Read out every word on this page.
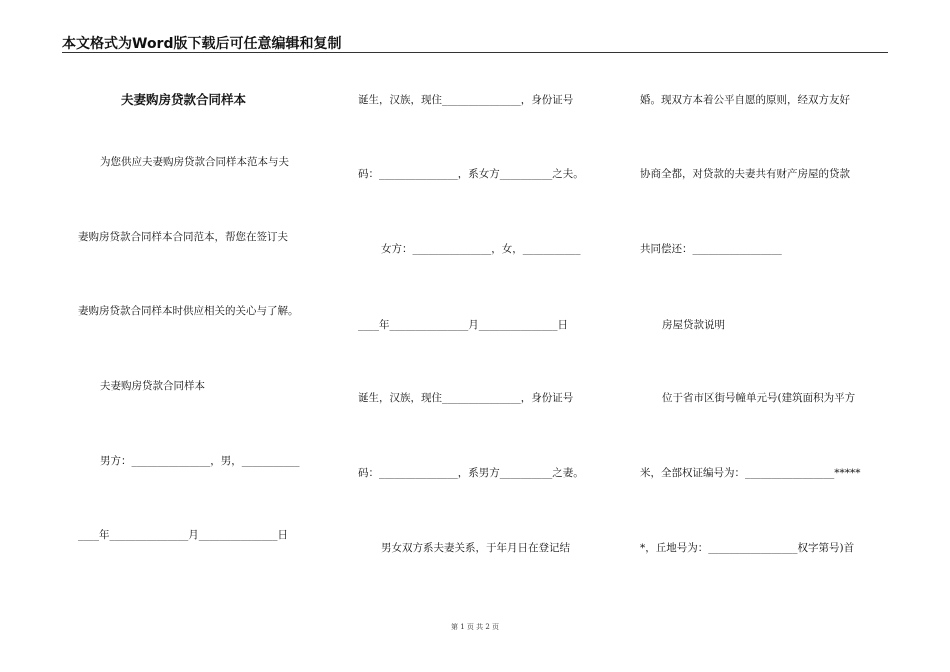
本文格式为Word版下载后可任意编辑和复制
夫妻购房贷款合同样本
为您供应夫妻购房贷款合同样本范本与夫
妻购房贷款合同样本合同范本，帮您在签订夫
妻购房贷款合同样本时供应相关的关心与了解。
夫妻购房贷款合同样本
男方：_______________，男，___________
____年_______________月_______________日
诞生，汉族，现住_______________，身份证号
码：_______________，系女方__________之夫。
女方：_______________，女，___________
____年_______________月_______________日
诞生，汉族，现住_______________，身份证号
码：_______________，系男方__________之妻。
男女双方系夫妻关系，于年月日在登记结
婚。现双方本着公平自愿的原则，经双方友好
协商全都，对贷款的夫妻共有财产房屋的贷款
共同偿还：_________________
房屋贷款说明
位于省市区街号幢单元号(建筑面积为平方
米，全部权证编号为：_________________*****
*，丘地号为：_________________权字第号)首
第 1 页 共 2 页
